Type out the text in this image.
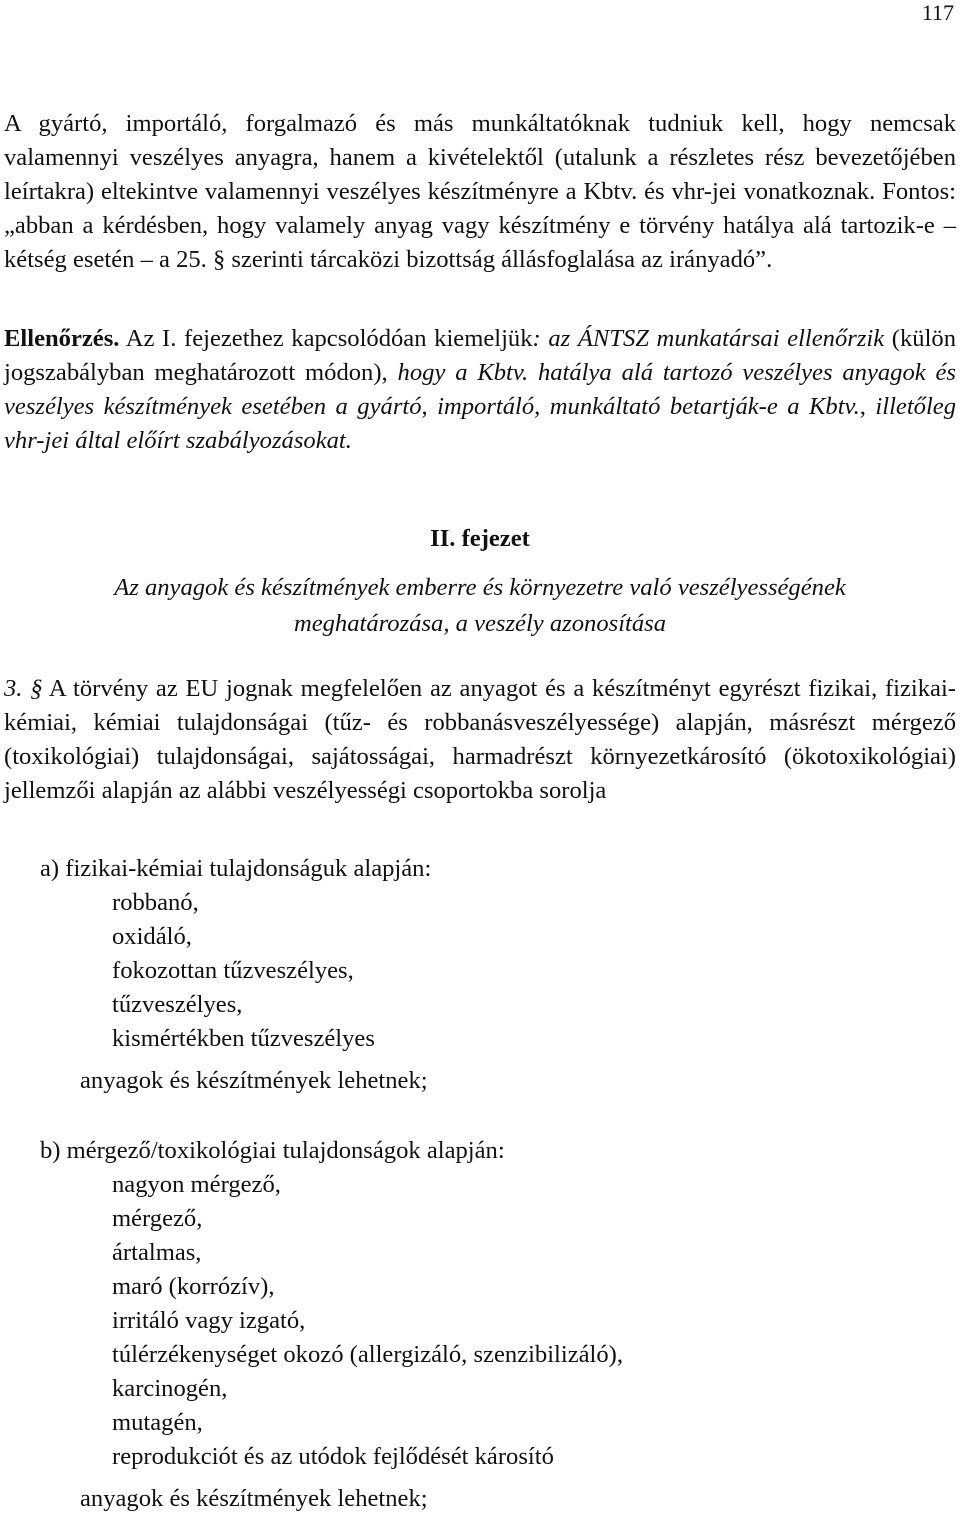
117

A gyártó, importáló, forgalmazó és más munkáltatóknak tudniuk kell, hogy nemcsak valamennyi veszélyes anyagra, hanem a kivételektől (utalunk a részletes rész bevezetőjében leírtakra) eltekintve valamennyi veszélyes készítményre a Kbtv. és vhr-jei vonatkoznak. Fontos: „abban a kérdésben, hogy valamely anyag vagy készítmény e törvény hatálya alá tartozik-e – kétség esetén – a 25. § szerinti tárcaközi bizottság állásfoglalása az irányadó”.

Ellenőrzés. Az I. fejezethez kapcsolódóan kiemeljük: az ÁNTSZ munkatársai ellenőrzik (külön jogszabályban meghatározott módon), hogy a Kbtv. hatálya alá tartozó veszélyes anyagok és veszélyes készítmények esetében a gyártó, importáló, munkáltató betartják-e a Kbtv., illetőleg vhr-jei által előírt szabályozásokat.

II. fejezet

Az anyagok és készítmények emberre és környezetre való veszélyességének meghatározása, a veszély azonosítása

3. § A törvény az EU jognak megfelelően az anyagot és a készítményt egyrészt fizikai, fizikai-kémiai, kémiai tulajdonságai (tűz- és robbanásveszélyessége) alapján, másrészt mérgező (toxikológiai) tulajdonságai, sajátosságai, harmadrészt környezetkárosító (ökotoxikológiai) jellemzői alapján az alábbi veszélyességi csoportokba sorolja

a) fizikai-kémiai tulajdonságuk alapján:

robbanó,
oxidáló,
fokozottan tűzveszélyes,
tűzveszélyes,
kismértékben tűzveszélyes

anyagok és készítmények lehetnek;

b) mérgező/toxikológiai tulajdonságok alapján:

nagyon mérgező,
mérgező,
ártalmas,
maró (korrózív),
irritáló vagy izgató,
túlérzékenységet okozó (allergizáló, szenzibilizáló),
karcinogén,
mutagén,
reprodukciót és az utódok fejlődését károsító

anyagok és készítmények lehetnek;
